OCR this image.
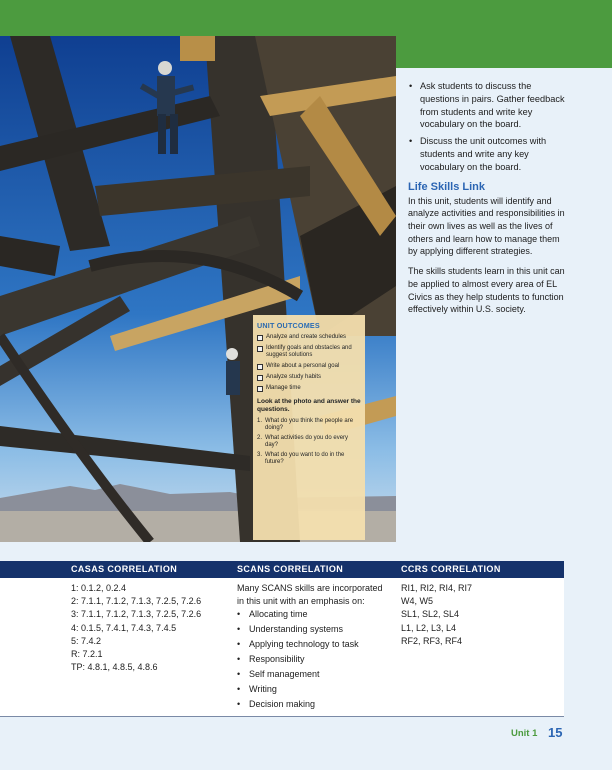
UNIT OUTCOMES
Analyze and create schedules
Identify goals and obstacles and suggest solutions
Write about a personal goal
Analyze study habits
Manage time
Look at the photo and answer the questions.
1. What do you think the people are doing?
2. What activities do you do every day?
3. What do you want to do in the future?
• Ask students to discuss the questions in pairs. Gather feedback from students and write key vocabulary on the board.
• Discuss the unit outcomes with students and write any key vocabulary on the board.
Life Skills Link

In this unit, students will identify and analyze activities and responsibilities in their own lives as well as the lives of others and learn how to manage them by applying different strategies.

The skills students learn in this unit can be applied to almost every area of EL Civics as they help students to function effectively within U.S. society.

CASAS CORRELATION	SCANS CORRELATION	CCRS CORRELATION
1: 0.1.2, 0.2.4
2: 7.1.1, 7.1.2, 7.1.3, 7.2.5, 7.2.6
3: 7.1.1, 7.1.2, 7.1.3, 7.2.5, 7.2.6
4: 0.1.5, 7.4.1, 7.4.3, 7.4.5
5: 7.4.2
R: 7.2.1
TP: 4.8.1, 4.8.5, 4.8.6
Many SCANS skills are incorporated
in this unit with an emphasis on:
• Allocating time
• Understanding systems
• Applying technology to task
• Responsibility
• Self management
• Writing
• Decision making
RI1, RI2, RI4, RI7
W4, W5
SL1, SL2, SL4
L1, L2, L3, L4
RF2, RF3, RF4
Unit 1 15
